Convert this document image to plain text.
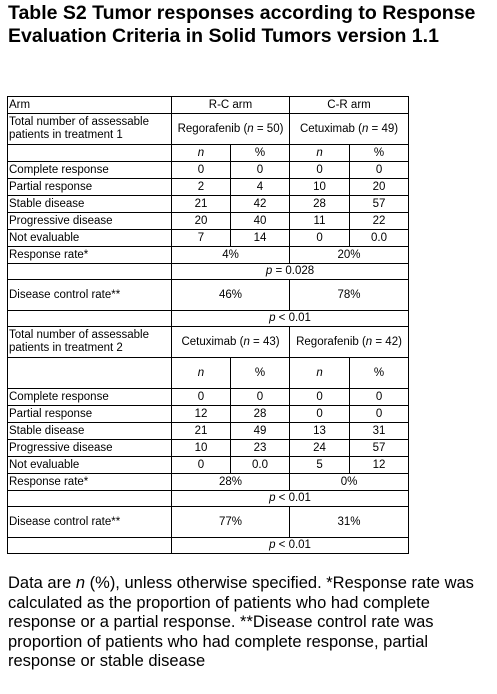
Table S2 Tumor responses according to Response Evaluation Criteria in Solid Tumors version 1.1
Arm	R-C arm		C-R arm	
Total number of assessable patients in treatment 1	Regorafenib (n = 50)		Cetuximab (n = 49)	
	n	%	n	%
Complete response	0	0	0	0
Partial response	2	4	10	20
Stable disease	21	42	28	57
Progressive disease	20	40	11	22
Not evaluable	7	14	0	0.0
Response rate*	4%		20%	
	p = 0.028			
Disease control rate**	46%		78%	
	p < 0.01			
Total number of assessable patients in treatment 2	Cetuximab (n = 43)		Regorafenib (n = 42)	
	n	%	n	%
Complete response	0	0	0	0
Partial response	12	28	0	0
Stable disease	21	49	13	31
Progressive disease	10	23	24	57
Not evaluable	0	0.0	5	12
Response rate*	28%		0%	
	p < 0.01			
Disease control rate**	77%		31%	
	p < 0.01			

Data are n (%), unless otherwise specified. *Response rate was calculated as the proportion of patients who had complete response or a partial response. **Disease control rate was proportion of patients who had complete response, partial response or stable disease
